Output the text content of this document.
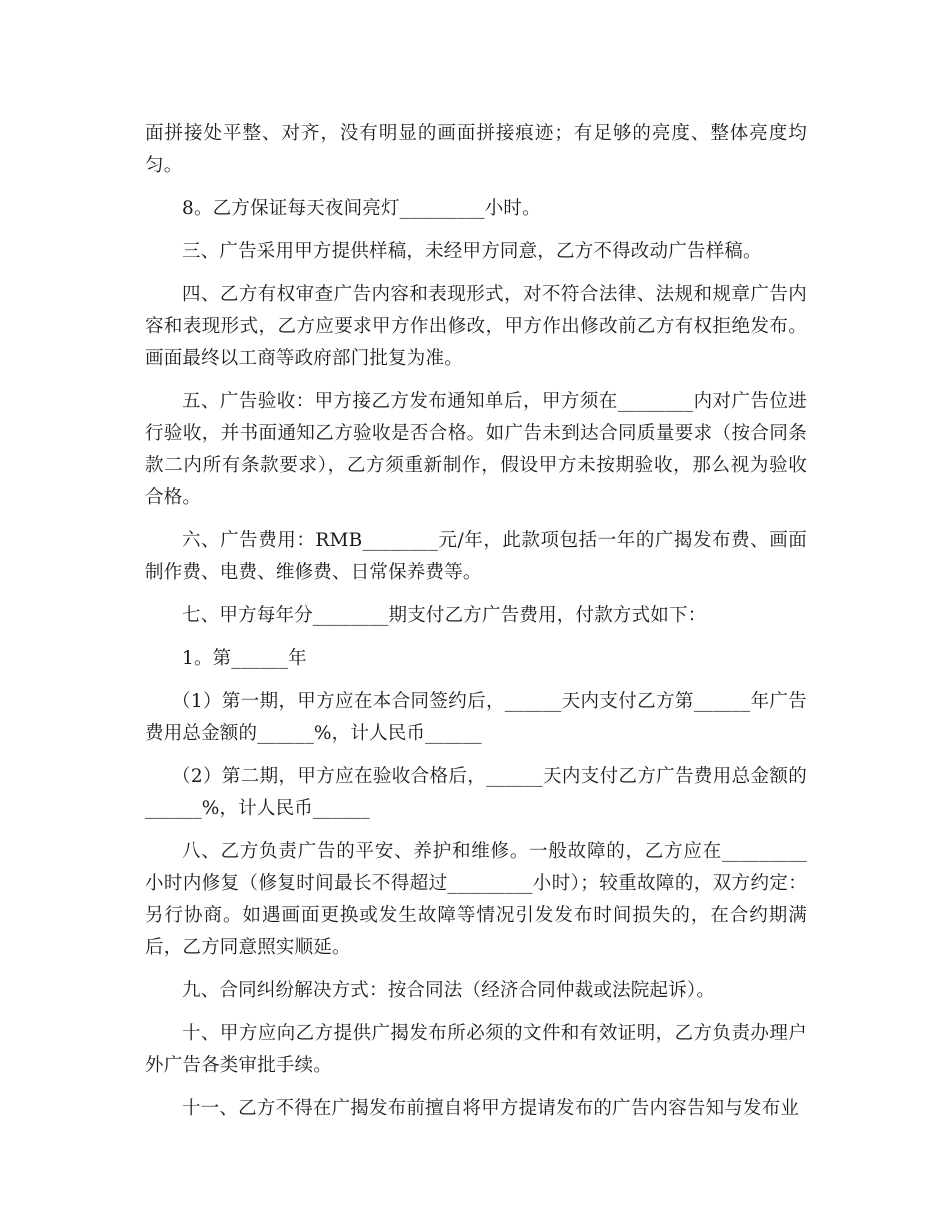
面拼接处平整、对齐，没有明显的画面拼接痕迹；有足够的亮度、整体亮度均匀。

8。乙方保证每天夜间亮灯_________小时。

三、广告采用甲方提供样稿，未经甲方同意，乙方不得改动广告样稿。

四、乙方有权审查广告内容和表现形式，对不符合法律、法规和规章广告内容和表现形式，乙方应要求甲方作出修改，甲方作出修改前乙方有权拒绝发布。画面最终以工商等政府部门批复为准。

五、广告验收：甲方接乙方发布通知单后，甲方须在________内对广告位进行验收，并书面通知乙方验收是否合格。如广告未到达合同质量要求（按合同条款二内所有条款要求），乙方须重新制作，假设甲方未按期验收，那么视为验收合格。

六、广告费用：RMB________元/年，此款项包括一年的广揭发布费、画面制作费、电费、维修费、日常保养费等。

七、甲方每年分________期支付乙方广告费用，付款方式如下：

1。第______年

（1）第一期，甲方应在本合同签约后，______天内支付乙方第______年广告费用总金额的______%，计人民币______

（2）第二期，甲方应在验收合格后，______天内支付乙方广告费用总金额的______%，计人民币______

八、乙方负责广告的平安、养护和维修。一般故障的，乙方应在_________小时内修复（修复时间最长不得超过_________小时）；较重故障的，双方约定：另行协商。如遇画面更换或发生故障等情况引发发布时间损失的，在合约期满后，乙方同意照实顺延。

九、合同纠纷解决方式：按合同法（经济合同仲裁或法院起诉）。

十、甲方应向乙方提供广揭发布所必须的文件和有效证明，乙方负责办理户外广告各类审批手续。

十一、乙方不得在广揭发布前擅自将甲方提请发布的广告内容告知与发布业
